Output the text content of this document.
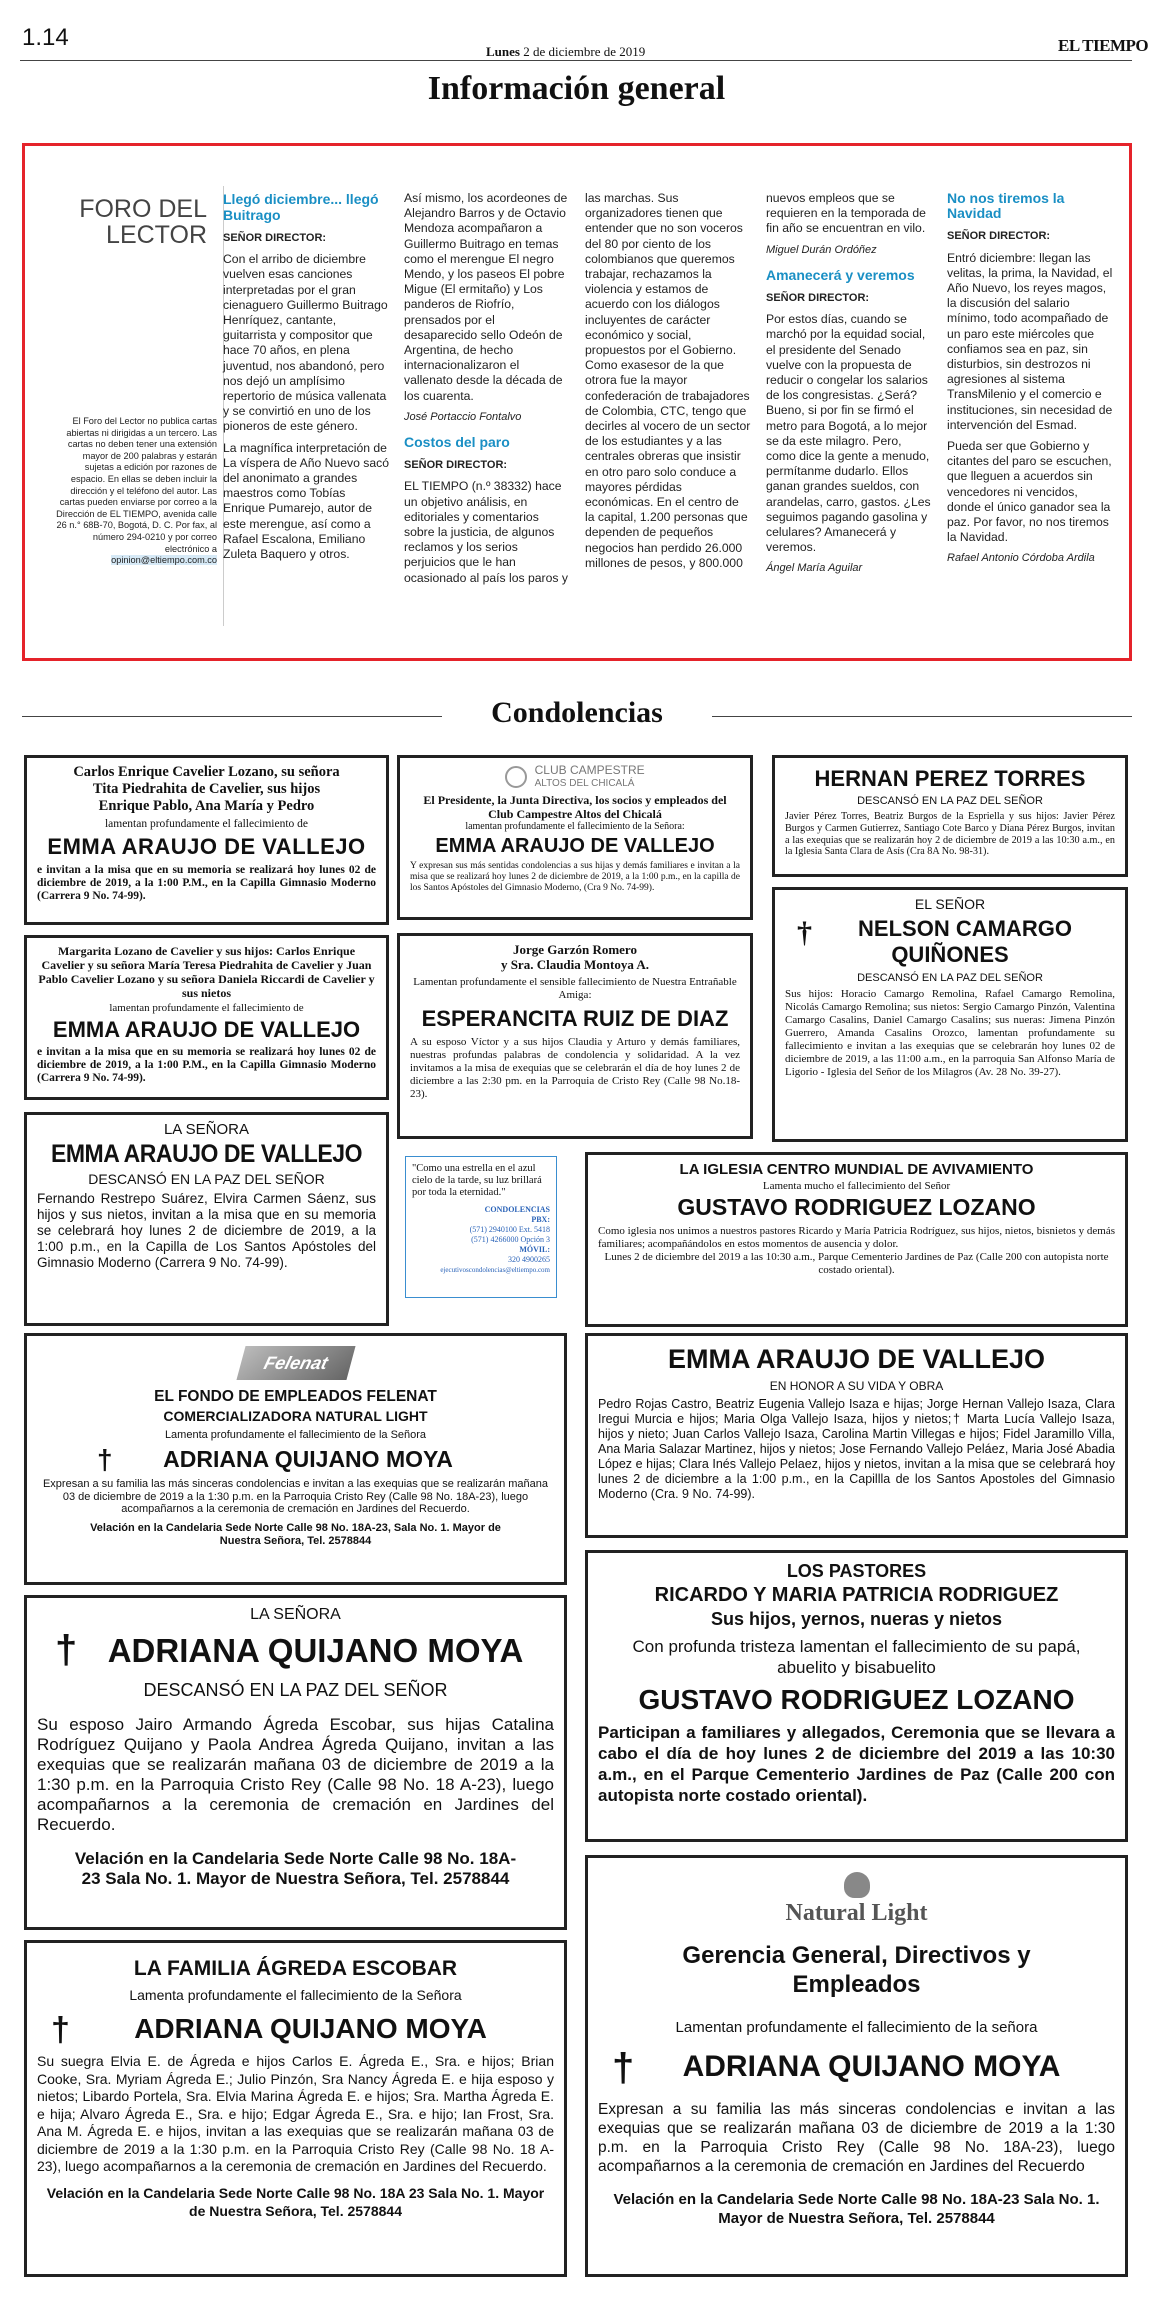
1.14
Lunes 2 de diciembre de 2019	EL TIEMPO
Información general
FORO DEL
LECTOR
El Foro del Lector no publica cartas abiertas ni dirigidas a un tercero. Las cartas no deben tener una extensión mayor de 200 palabras y estarán sujetas a edición por razones de espacio. En ellas se deben incluir la dirección y el teléfono del autor. Las cartas pueden enviarse por correo a la Dirección de EL TIEMPO, avenida calle 26 n.° 68B-70, Bogotá, D. C. Por fax, al número 294-0210 y por correo electrónico a
opinion@eltiempo.com.co
Llegó diciembre... llegó Buitrago
SEÑOR DIRECTOR:

Con el arribo de diciembre vuelven esas canciones interpretadas por el gran cienaguero Guillermo Buitrago Henríquez, cantante, guitarrista y compositor que hace 70 años, en plena juventud, nos abandonó, pero nos dejó un amplísimo repertorio de música vallenata y se convirtió en uno de los pioneros de este género.

La magnífica interpretación de La víspera de Año Nuevo sacó del anonimato a grandes maestros como Tobías Enrique Pumarejo, autor de este merengue, así como a Rafael Escalona, Emiliano Zuleta Baquero y otros.

Así mismo, los acordeones de Alejandro Barros y de Octavio Mendoza acompañaron a Guillermo Buitrago en temas como el merengue El negro Mendo, y los paseos El pobre Migue (El ermitaño) y Los panderos de Riofrío, prensados por el desaparecido sello Odeón de Argentina, de hecho internacionalizaron el vallenato desde la década de los cuarenta.

José Portaccio Fontalvo

Costos del paro
SEÑOR DIRECTOR:

EL TIEMPO (n.º 38332) hace un objetivo análisis, en editoriales y comentarios sobre la justicia, de algunos reclamos y los serios perjuicios que le han ocasionado al país los paros y las marchas. Sus organizadores tienen que entender que no son voceros del 80 por ciento de los colombianos que queremos trabajar, rechazamos la violencia y estamos de acuerdo con los diálogos incluyentes de carácter económico y social, propuestos por el Gobierno. Como exasesor de la que otrora fue la mayor confederación de trabajadores de Colombia, CTC, tengo que decirles al vocero de un sector de los estudiantes y a las centrales obreras que insistir en otro paro solo conduce a mayores pérdidas económicas. En el centro de la capital, 1.200 personas que dependen de pequeños negocios han perdido 26.000 millones de pesos, y 800.000 nuevos empleos que se requieren en la temporada de fin año se encuentran en vilo.

Miguel Durán Ordóñez

Amanecerá y veremos
SEÑOR DIRECTOR:

Por estos días, cuando se marchó por la equidad social, el presidente del Senado vuelve con la propuesta de reducir o congelar los salarios de los congresistas. ¿Será? Bueno, si por fin se firmó el metro para Bogotá, a lo mejor se da este milagro. Pero, como dice la gente a menudo, permítanme dudarlo. Ellos ganan grandes sueldos, con arandelas, carro, gastos. ¿Les seguimos pagando gasolina y celulares? Amanecerá y veremos.

Ángel María Aguilar

No nos tiremos la Navidad
SEÑOR DIRECTOR:

Entró diciembre: llegan las velitas, la prima, la Navidad, el Año Nuevo, los reyes magos, la discusión del salario mínimo, todo acompañado de un paro este miércoles que confiamos sea en paz, sin disturbios, sin destrozos ni agresiones al sistema TransMilenio y el comercio e instituciones, sin necesidad de intervención del Esmad.

Pueda ser que Gobierno y citantes del paro se escuchen, que lleguen a acuerdos sin vencedores ni vencidos, donde el único ganador sea la paz. Por favor, no nos tiremos la Navidad.

Rafael Antonio Córdoba Ardila

Condolencias
Carlos Enrique Cavelier Lozano, su señora
Tita Piedrahita de Cavelier, sus hijos
Enrique Pablo, Ana María y Pedro
lamentan profundamente el fallecimiento de
EMMA ARAUJO DE VALLEJO
e invitan a la misa que en su memoria se realizará hoy lunes 02 de diciembre de 2019, a la 1:00 P.M., en la Capilla Gimnasio Moderno (Carrera 9 No. 74-99).

CLUB CAMPESTRE
ALTOS DEL CHICALÁ
El Presidente, la Junta Directiva, los socios y empleados del Club Campestre Altos del Chicalá
lamentan profundamente el fallecimiento de la Señora:
EMMA ARAUJO DE VALLEJO
Y expresan sus más sentidas condolencias a sus hijas y demás familiares e invitan a la misa que se realizará hoy lunes 2 de diciembre de 2019, a la 1:00 p.m., en la capilla de los Santos Apóstoles del Gimnasio Moderno, (Cra 9 No. 74-99).
HERNAN PEREZ TORRES
DESCANSÓ EN LA PAZ DEL SEÑOR
Javier Pérez Torres, Beatriz Burgos de la Espriella y sus hijos: Javier Pérez Burgos y Carmen Gutierrez, Santiago Cote Barco y Diana Pérez Burgos, invitan a las exequias que se realizarán hoy 2 de diciembre de 2019 a las 10:30 a.m., en la Iglesia Santa Clara de Asís (Cra 8A No. 98-31).
Margarita Lozano de Cavelier y sus hijos: Carlos Enrique Cavelier y su señora María Teresa Piedrahita de Cavelier y Juan Pablo Cavelier Lozano y su señora Daniela Riccardi de Cavelier y sus nietos
lamentan profundamente el fallecimiento de
EMMA ARAUJO DE VALLEJO
e invitan a la misa que en su memoria se realizará hoy lunes 02 de diciembre de 2019, a la 1:00 P.M., en la Capilla Gimnasio Moderno (Carrera 9 No. 74-99).
Jorge Garzón Romero
y Sra. Claudia Montoya A.
Lamentan profundamente el sensible fallecimiento de Nuestra Entrañable Amiga:
ESPERANCITA RUIZ DE DIAZ
A su esposo Víctor y a sus hijos Claudia y Arturo y demás familiares, nuestras profundas palabras de condolencia y solidaridad. A la vez invitamos a la misa de exequias que se celebrarán el día de hoy lunes 2 de diciembre a las 2:30 pm. en la Parroquia de Cristo Rey (Calle 98 No.18-23).
EL SEÑOR
†	NELSON CAMARGO
QUIÑONES
DESCANSÓ EN LA PAZ DEL SEÑOR
Sus hijos: Horacio Camargo Remolina, Rafael Camargo Remolina, Nicolás Camargo Remolina; sus nietos: Sergio Camargo Pinzón, Valentina Camargo Casalins, Daniel Camargo Casalins; sus nueras: Jimena Pinzón Guerrero, Amanda Casalins Orozco, lamentan profundamente su fallecimiento e invitan a las exequias que se celebrarán hoy lunes 02 de diciembre de 2019, a las 11:00 a.m., en la parroquia San Alfonso María de Ligorio - Iglesia del Señor de los Milagros (Av. 28 No. 39-27).
LA SEÑORA
EMMA ARAUJO DE VALLEJO
DESCANSÓ EN LA PAZ DEL SEÑOR
Fernando Restrepo Suárez, Elvira Carmen Sáenz, sus hijos y sus nietos, invitan a la misa que en su memoria se celebrará hoy lunes 2 de diciembre de 2019, a la 1:00 p.m., en la Capilla de Los Santos Apóstoles del Gimnasio Moderno (Carrera 9 No. 74-99).
"Como una estrella en el azul cielo de la tarde, su luz brillará por toda la eternidad."
CONDOLENCIAS
PBX:
(571) 2940100 Ext. 5418
(571) 4266000 Opción 3
MÓVIL:
320 4900265
ejecutivoscondolencias@eltiempo.com
LA IGLESIA CENTRO MUNDIAL DE AVIVAMIENTO
Lamenta mucho el fallecimiento del Señor
GUSTAVO RODRIGUEZ LOZANO
Como iglesia nos unimos a nuestros pastores Ricardo y María Patricia Rodríguez, sus hijos, nietos, bisnietos y demás familiares; acompañándolos en estos momentos de ausencia y dolor.
Lunes 2 de diciembre del 2019 a las 10:30 a.m., Parque Cementerio Jardines de Paz (Calle 200 con autopista norte costado oriental).
Felenat
EL FONDO DE EMPLEADOS FELENAT
COMERCIALIZADORA NATURAL LIGHT
Lamenta profundamente el fallecimiento de la Señora
†	ADRIANA QUIJANO MOYA
Expresan a su familia las más sinceras condolencias e invitan a las exequias que se realizarán mañana 03 de diciembre de 2019 a la 1:30 p.m. en la Parroquia Cristo Rey (Calle 98 No. 18A-23), luego acompañarnos a la ceremonia de cremación en Jardines del Recuerdo.
Velación en la Candelaria Sede Norte Calle 98 No. 18A-23, Sala No. 1. Mayor de Nuestra Señora, Tel. 2578844
EMMA ARAUJO DE VALLEJO
EN HONOR A SU VIDA Y OBRA
Pedro Rojas Castro, Beatriz Eugenia Vallejo Isaza e hijas; Jorge Hernan Vallejo Isaza, Clara Iregui Murcia e hijos; Maria Olga Vallejo Isaza, hijos y nietos;† Marta Lucía Vallejo Isaza, hijos y nieto; Juan Carlos Vallejo Isaza, Carolina Martin Villegas e hijos; Fidel Jaramillo Villa, Ana Maria Salazar Martinez, hijos y nietos; Jose Fernando Vallejo Peláez, Maria José Abadia López e hijas; Clara Inés Vallejo Pelaez, hijos y nietos, invitan a la misa que se celebrará hoy lunes 2 de diciembre a la 1:00 p.m., en la Capillla de los Santos Apostoles del Gimnasio Moderno (Cra. 9 No. 74-99).
LA SEÑORA
† ADRIANA QUIJANO MOYA
DESCANSÓ EN LA PAZ DEL SEÑOR
Su esposo Jairo Armando Ágreda Escobar, sus hijas Catalina Rodríguez Quijano y Paola Andrea Ágreda Quijano, invitan a las exequias que se realizarán mañana 03 de diciembre de 2019 a la 1:30 p.m. en la Parroquia Cristo Rey (Calle 98 No. 18 A-23), luego acompañarnos a la ceremonia de cremación en Jardines del Recuerdo.
Velación en la Candelaria Sede Norte Calle 98 No. 18A-23 Sala No. 1. Mayor de Nuestra Señora, Tel. 2578844
LOS PASTORES
RICARDO Y MARIA PATRICIA RODRIGUEZ
Sus hijos, yernos, nueras y nietos
Con profunda tristeza lamentan el fallecimiento de su papá, abuelito y bisabuelito
GUSTAVO RODRIGUEZ LOZANO
Participan a familiares y allegados, Ceremonia que se llevara a cabo el día de hoy lunes 2 de diciembre del 2019 a las 10:30 a.m., en el Parque Cementerio Jardines de Paz (Calle 200 con autopista norte costado oriental).
LA FAMILIA ÁGREDA ESCOBAR
Lamenta profundamente el fallecimiento de la Señora
†	ADRIANA QUIJANO MOYA
Su suegra Elvia E. de Ágreda e hijos Carlos E. Ágreda E., Sra. e hijos; Brian Cooke, Sra. Myriam Ágreda E.; Julio Pinzón, Sra Nancy Ágreda E. e hija esposo y nietos; Libardo Portela, Sra. Elvia Marina Ágreda E. e hijos; Sra. Martha Ágreda E. e hija; Alvaro Ágreda E., Sra. e hijo; Edgar Ágreda E., Sra. e hijo; Ian Frost, Sra. Ana M. Ágreda E. e hijos, invitan a las exequias que se realizarán mañana 03 de diciembre de 2019 a la 1:30 p.m. en la Parroquia Cristo Rey (Calle 98 No. 18 A-23), luego acompañarnos a la ceremonia de cremación en Jardines del Recuerdo.
Velación en la Candelaria Sede Norte Calle 98 No. 18A 23 Sala No. 1. Mayor de Nuestra Señora, Tel. 2578844
Natural Light
Gerencia General, Directivos y Empleados
Lamentan profundamente el fallecimiento de la señora
†	ADRIANA QUIJANO MOYA
Expresan a su familia las más sinceras condolencias e invitan a las exequias que se realizarán mañana 03 de diciembre de 2019 a la 1:30 p.m. en la Parroquia Cristo Rey (Calle 98 No. 18A-23), luego acompañarnos a la ceremonia de cremación en Jardines del Recuerdo
Velación en la Candelaria Sede Norte Calle 98 No. 18A-23 Sala No. 1. Mayor de Nuestra Señora, Tel. 2578844
